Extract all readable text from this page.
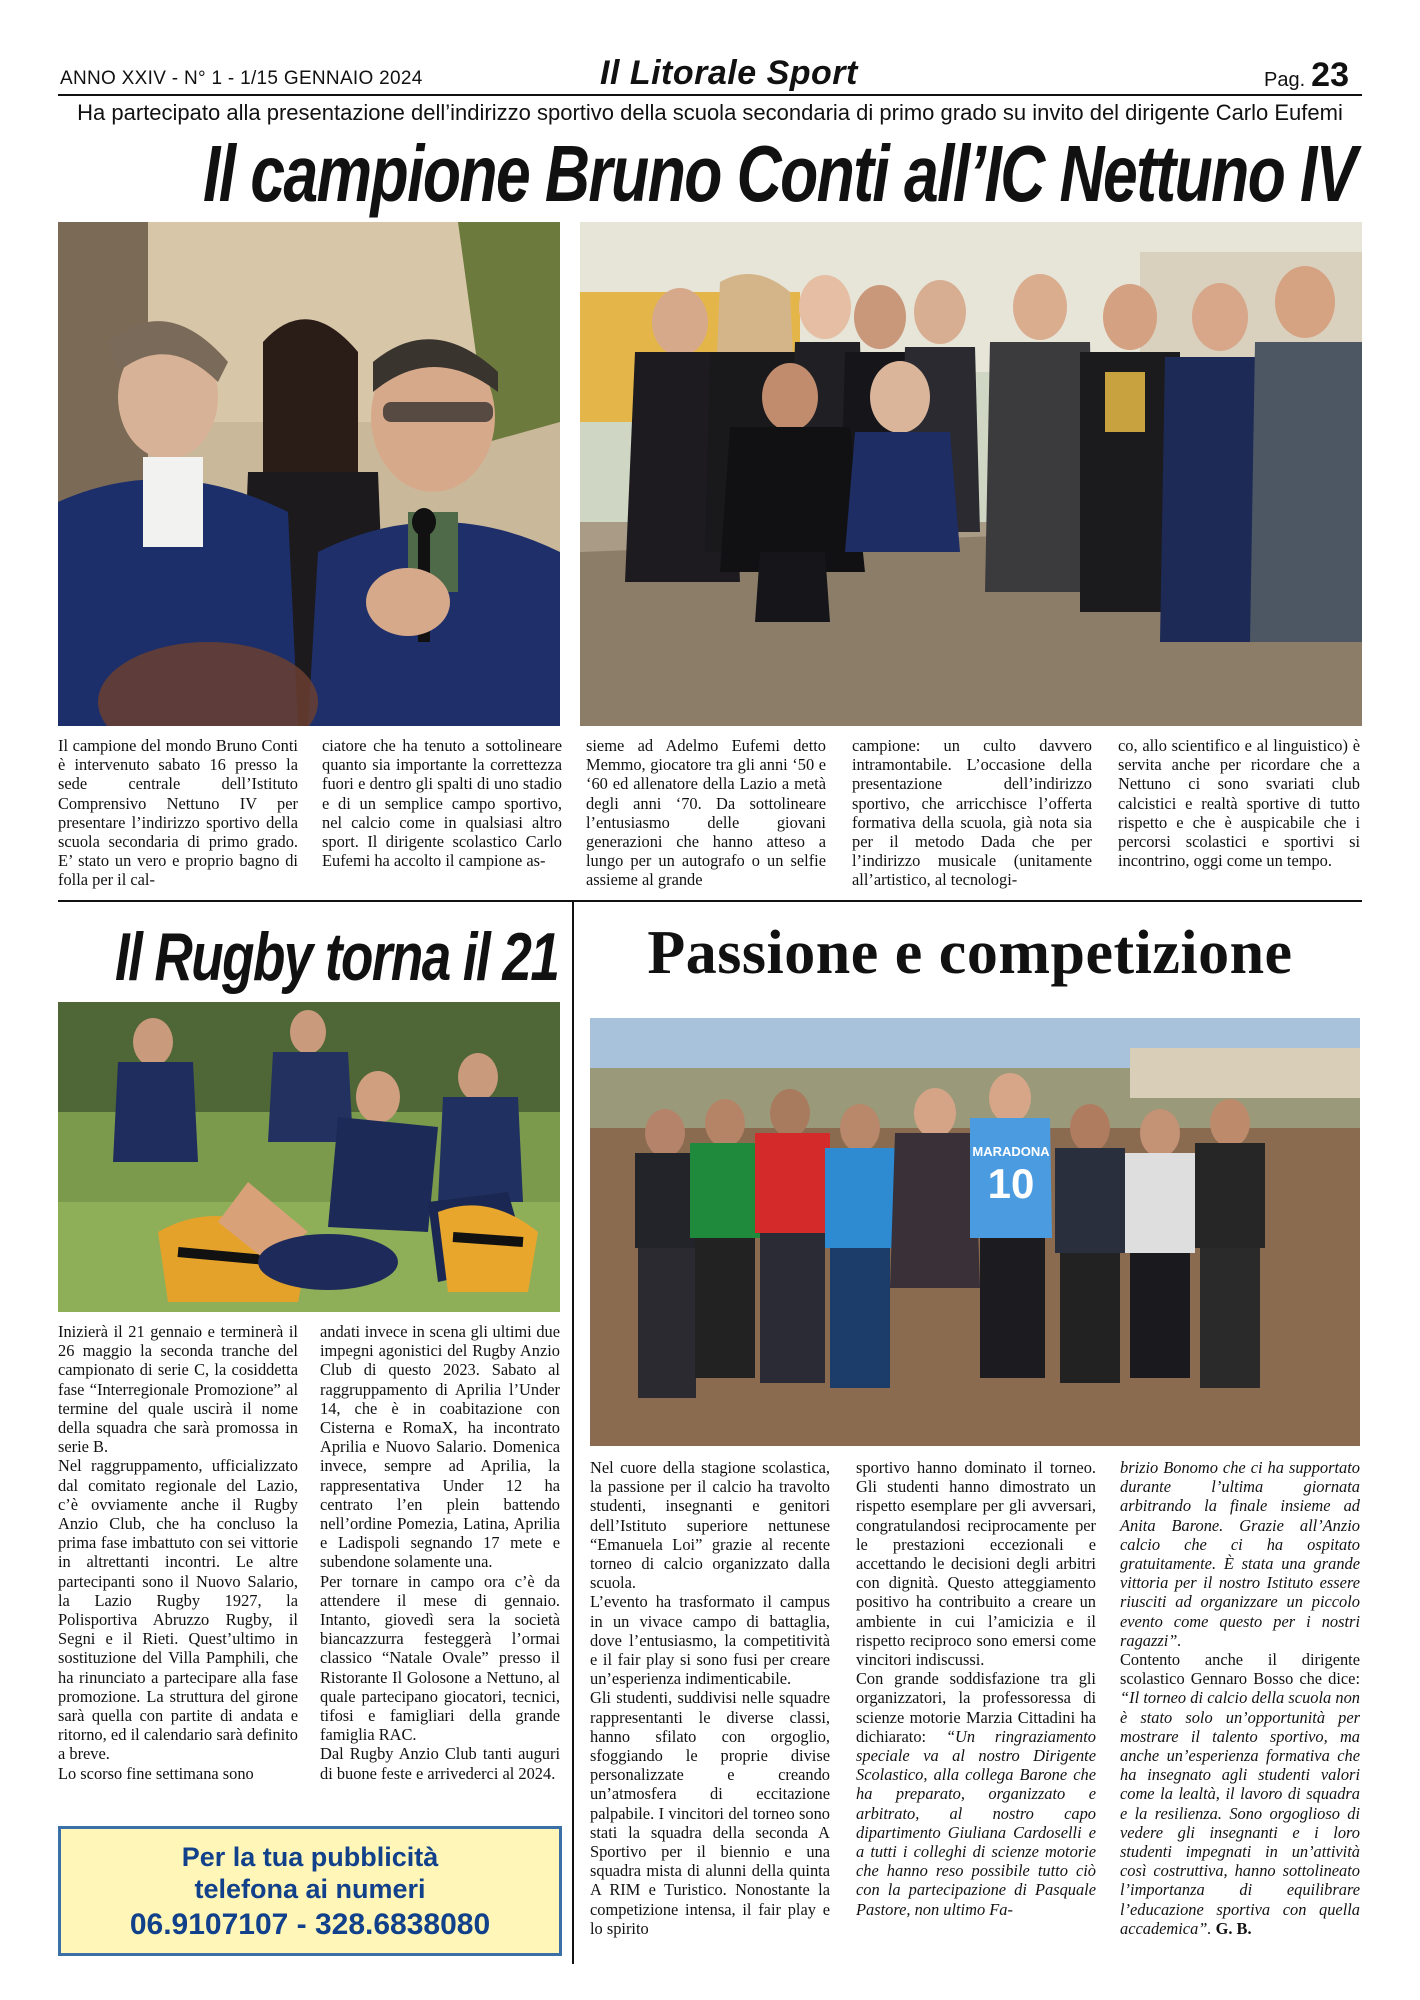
ANNO XXIV - N° 1 - 1/15 GENNAIO 2024	Il Litorale Sport	Pag. 23
Ha partecipato alla presentazione dell’indirizzo sportivo della scuola secondaria di primo grado su invito del dirigente Carlo Eufemi
Il campione Bruno Conti all’IC Nettuno IV
Il campione del mondo Bruno Conti è intervenuto sabato 16 presso la sede centrale dell’Istituto Comprensivo Nettuno IV per presentare l’indirizzo sportivo della scuola secondaria di primo grado. E’ stato un vero e proprio bagno di folla per il cal-
ciatore che ha tenuto a sottolineare quanto sia importante la correttezza fuori e dentro gli spalti di uno stadio e di un semplice campo sportivo, nel calcio come in qualsiasi altro sport. Il dirigente scolastico Carlo Eufemi ha accolto il campione as-
sieme ad Adelmo Eufemi detto Memmo, giocatore tra gli anni ‘50 e ‘60 ed allenatore della Lazio a metà degli anni ‘70. Da sottolineare l’entusiasmo delle giovani generazioni che hanno atteso a lungo per un autografo o un selfie assieme al grande
campione: un culto davvero intramontabile. L’occasione della presentazione dell’indirizzo sportivo, che arricchisce l’offerta formativa della scuola, già nota sia per il metodo Dada che per l’indirizzo musicale (unitamente all’artistico, al tecnologi-
co, allo scientifico e al linguistico) è servita anche per ricordare che a Nettuno ci sono svariati club calcistici e realtà sportive di tutto rispetto e che è auspicabile che i percorsi scolastici e sportivi si incontrino, oggi come un tempo.
Il Rugby torna il 21

Inizierà il 21 gennaio e terminerà il 26 maggio la seconda tranche del campionato di serie C, la cosiddetta fase “Interregionale Promozione” al termine del quale uscirà il nome della squadra che sarà promossa in serie B.

Nel raggruppamento, ufficializzato dal comitato regionale del Lazio, c’è ovviamente anche il Rugby Anzio Club, che ha concluso la prima fase imbattuto con sei vittorie in altrettanti incontri. Le altre partecipanti sono il Nuovo Salario, la Lazio Rugby 1927, la Polisportiva Abruzzo Rugby, il Segni e il Rieti. Quest’ultimo in sostituzione del Villa Pamphili, che ha rinunciato a partecipare alla fase promozione. La struttura del girone sarà quella con partite di andata e ritorno, ed il calendario sarà definito a breve.

Lo scorso fine settimana sono

andati invece in scena gli ultimi due impegni agonistici del Rugby Anzio Club di questo 2023. Sabato al raggruppamento di Aprilia l’Under 14, che è in coabitazione con Cisterna e RomaX, ha incontrato Aprilia e Nuovo Salario. Domenica invece, sempre ad Aprilia, la rappresentativa Under 12 ha centrato l’en plein battendo nell’ordine Pomezia, Latina, Aprilia e Ladispoli segnando 17 mete e subendone solamente una.

Per tornare in campo ora c’è da attendere il mese di gennaio. Intanto, giovedì sera la società biancazzurra festeggerà l’ormai classico “Natale Ovale” presso il Ristorante Il Golosone a Nettuno, al quale partecipano giocatori, tecnici, tifosi e famigliari della grande famiglia RAC.

Dal Rugby Anzio Club tanti auguri di buone feste e arrivederci al 2024.

Per la tua pubblicità
telefona ai numeri
06.9107107 - 328.6838080
Passione e competizione
10
MARADONA

Nel cuore della stagione scolastica, la passione per il calcio ha travolto studenti, insegnanti e genitori dell’Istituto superiore nettunese “Emanuela Loi” grazie al recente torneo di calcio organizzato dalla scuola.

L’evento ha trasformato il campus in un vivace campo di battaglia, dove l’entusiasmo, la competitività e il fair play si sono fusi per creare un’esperienza indimenticabile.

Gli studenti, suddivisi nelle squadre rappresentanti le diverse classi, hanno sfilato con orgoglio, sfoggiando le proprie divise personalizzate e creando un’atmosfera di eccitazione palpabile. I vincitori del torneo sono stati la squadra della seconda A Sportivo per il biennio e una squadra mista di alunni della quinta A RIM e Turistico. Nonostante la competizione intensa, il fair play e lo spirito

sportivo hanno dominato il torneo. Gli studenti hanno dimostrato un rispetto esemplare per gli avversari, congratulandosi reciprocamente per le prestazioni eccezionali e accettando le decisioni degli arbitri con dignità. Questo atteggiamento positivo ha contribuito a creare un ambiente in cui l’amicizia e il rispetto reciproco sono emersi come vincitori indiscussi.

Con grande soddisfazione tra gli organizzatori, la professoressa di scienze motorie Marzia Cittadini ha dichiarato: “Un ringraziamento speciale va al nostro Dirigente Scolastico, alla collega Barone che ha preparato, organizzato e arbitrato, al nostro capo dipartimento Giuliana Cardoselli e a tutti i colleghi di scienze motorie che hanno reso possibile tutto ciò con la partecipazione di Pasquale Pastore, non ultimo Fa-

brizio Bonomo che ci ha supportato durante l’ultima giornata arbitrando la finale insieme ad Anita Barone. Grazie all’Anzio calcio che ci ha ospitato gratuitamente. È stata una grande vittoria per il nostro Istituto essere riusciti ad organizzare un piccolo evento come questo per i nostri ragazzi”.

Contento anche il dirigente scolastico Gennaro Bosso che dice: “Il torneo di calcio della scuola non è stato solo un’opportunità per mostrare il talento sportivo, ma anche un’esperienza formativa che ha insegnato agli studenti valori come la lealtà, il lavoro di squadra e la resilienza. Sono orgoglioso di vedere gli insegnanti e i loro studenti impegnati in un’attività così costruttiva, hanno sottolineato l’importanza di equilibrare l’educazione sportiva con quella accademica”. G. B.
